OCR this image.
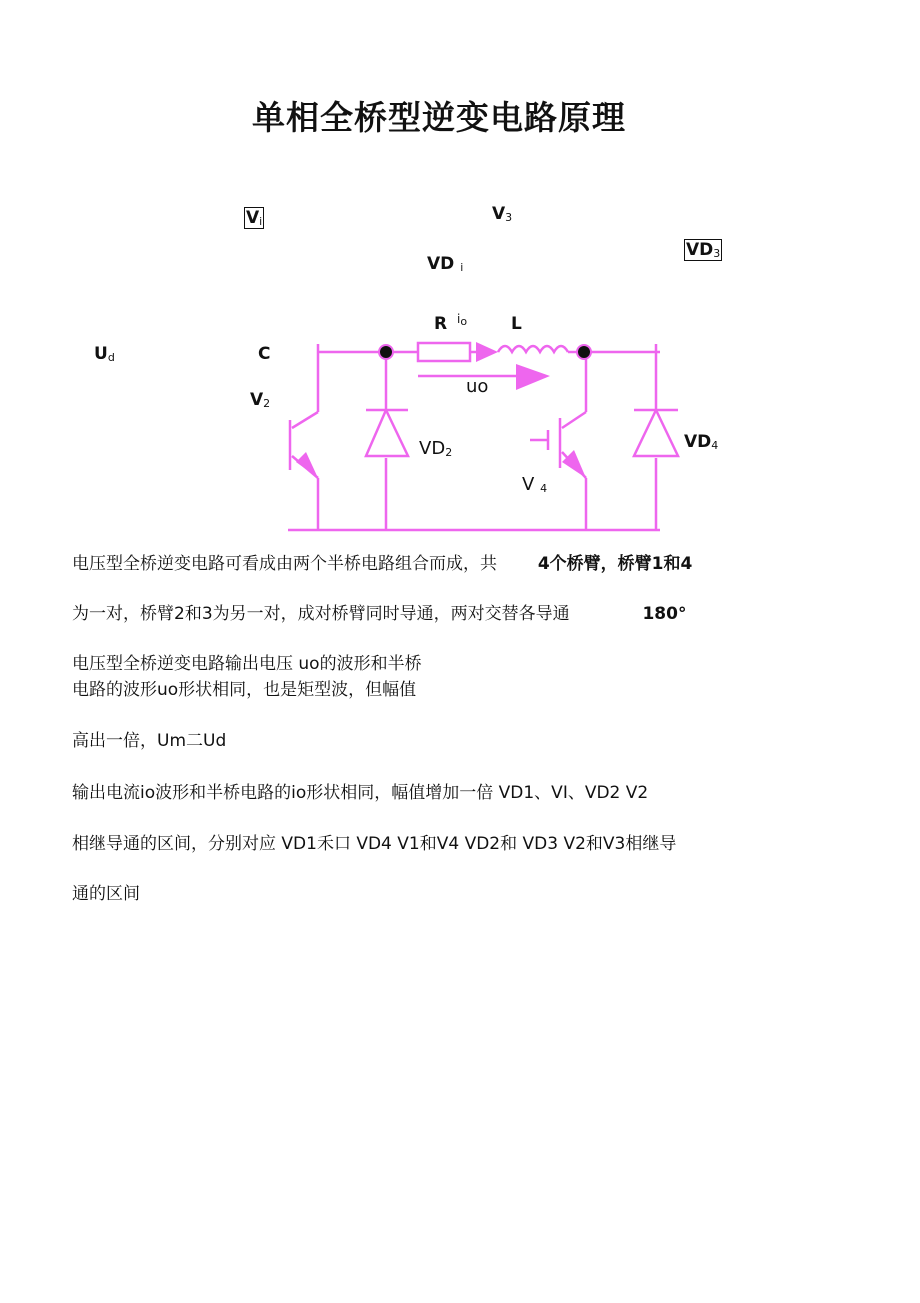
单相全桥型逆变电路原理
$V_i$	$V_3$
$VD_3$
VD $_i$
R $i_o$	L
$U_d$	C
uo
$V_2$
$VD_2$
$VD_4$
V $_4$
电压型全桥逆变电路可看成由两个半桥电路组合而成，共 4个桥臂，桥臂1和4
为一对，桥臂2和3为另一对，成对桥臂同时导通，两对交替各导通	180°
电压型全桥逆变电路输出电压 uo的波形和半桥
电路的波形uo形状相同，也是矩型波，但幅值
高出一倍，Um二Ud
输出电流io波形和半桥电路的io形状相同，幅值增加一倍 VD1、VI、VD2 V2
相继导通的区间，分别对应 VD1禾口 VD4 V1和V4 VD2和 VD3 V2和V3相继导
通的区间
